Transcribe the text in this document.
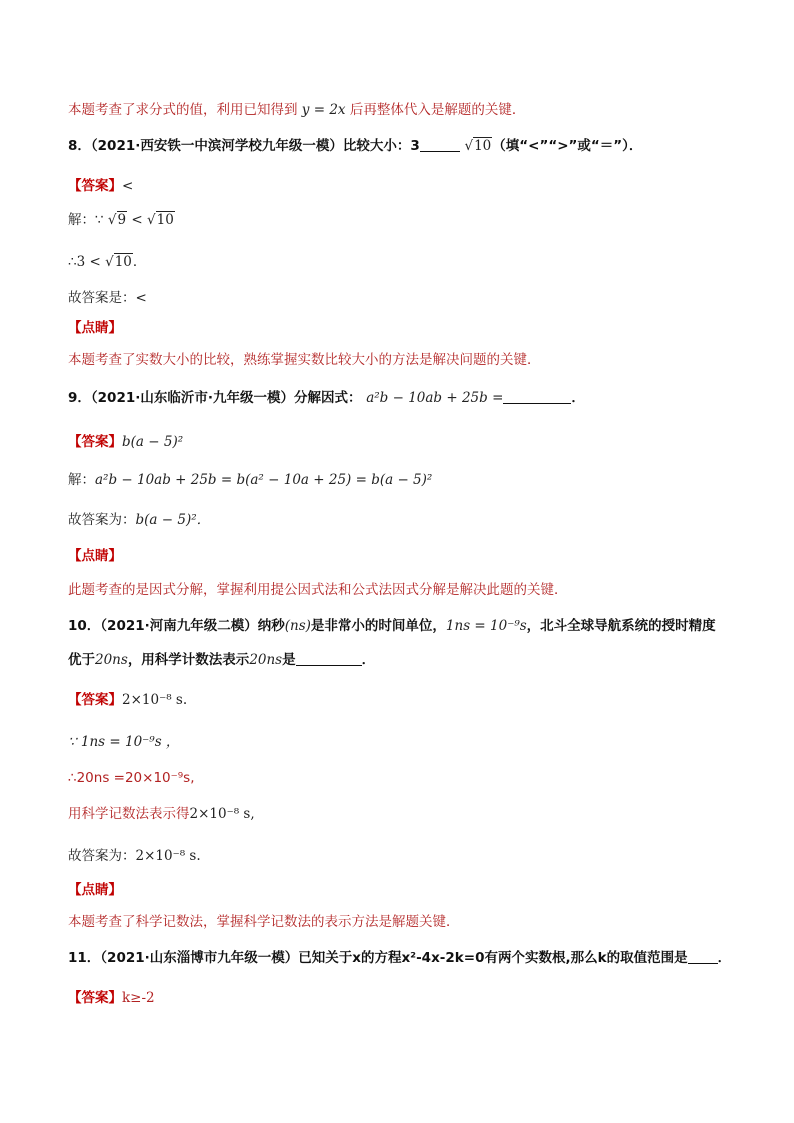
本题考查了求分式的值，利用已知得到 y = 2x 后再整体代入是解题的关键．
8．（2021·西安铁一中滨河学校九年级一模）比较大小：3	√10（填“<”“>”或“＝”）．
【答案】<
解：∵ √9 < √10
∴3 < √10．
故答案是：<
【点睛】
本题考查了实数大小的比较，熟练掌握实数比较大小的方法是解决问题的关键．
9．（2021·山东临沂市·九年级一模）分解因式： a²b − 10ab + 25b =	．
【答案】b(a − 5)²
解：a²b − 10ab + 25b = b(a² − 10a + 25) = b(a − 5)²
故答案为：b(a − 5)²．
【点睛】
此题考查的是因式分解，掌握利用提公因式法和公式法因式分解是解决此题的关键．
10．（2021·河南九年级二模）纳秒(ns)是非常小的时间单位，1ns = 10⁻⁹s，北斗全球导航系统的授时精度
优于20ns，用科学计数法表示20ns是	．
【答案】2×10⁻⁸ s.
∵ 1ns = 10⁻⁹s ，
∴20ns =20×10⁻⁹s,
用科学记数法表示得2×10⁻⁸ s,
故答案为：2×10⁻⁸ s.
【点睛】
本题考查了科学记数法，掌握科学记数法的表示方法是解题关键．
11．（2021·山东淄博市九年级一模）已知关于x的方程x²-4x-2k=0有两个实数根,那么k的取值范围是 ．
【答案】k≥-2
